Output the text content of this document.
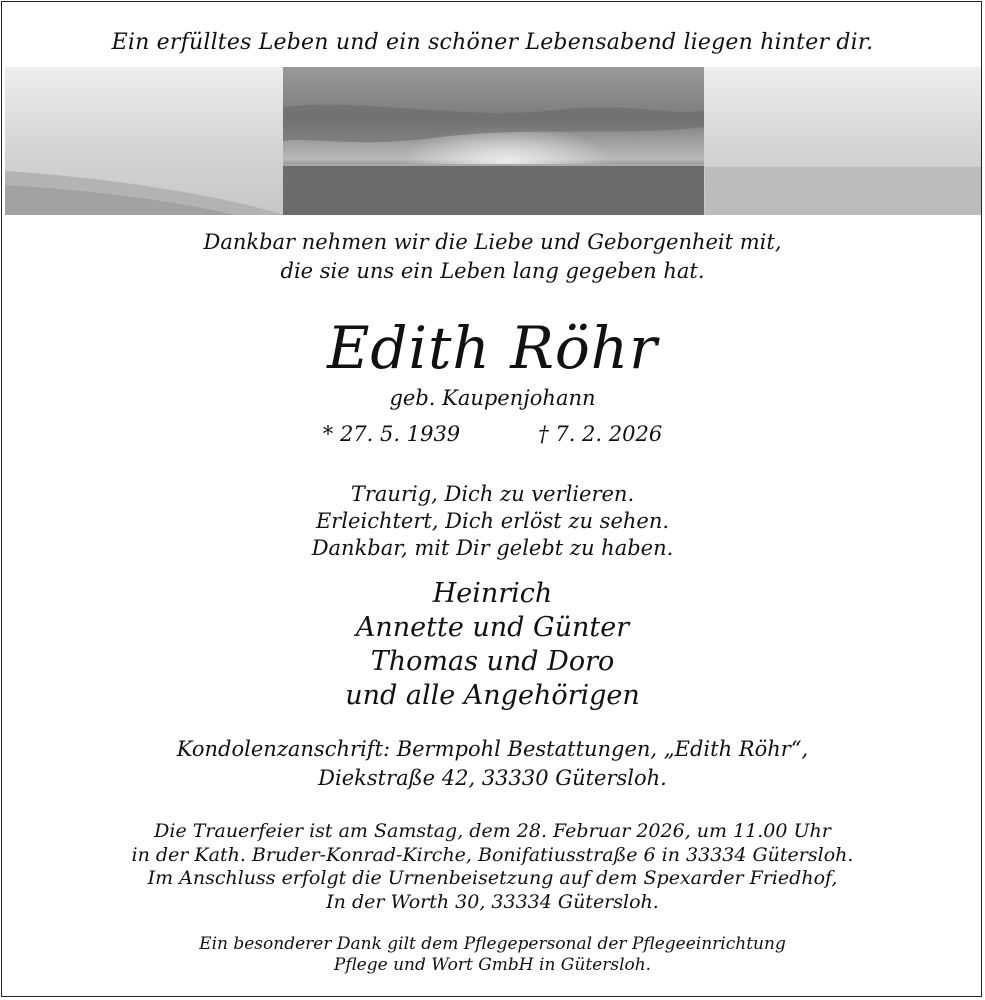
Ein erfülltes Leben und ein schöner Lebensabend liegen hinter dir.
Dankbar nehmen wir die Liebe und Geborgenheit mit,
die sie uns ein Leben lang gegeben hat.
Edith Röhr
geb. Kaupenjohann
* 27. 5. 1939	† 7. 2. 2026
Traurig, Dich zu verlieren.
Erleichtert, Dich erlöst zu sehen.
Dankbar, mit Dir gelebt zu haben.
Heinrich
Annette und Günter
Thomas und Doro
und alle Angehörigen
Kondolenzanschrift: Bermpohl Bestattungen, „Edith Röhr“,
Diekstraße 42, 33330 Gütersloh.
Die Trauerfeier ist am Samstag, dem 28. Februar 2026, um 11.00 Uhr
in der Kath. Bruder-Konrad-Kirche, Bonifatiusstraße 6 in 33334 Gütersloh.
Im Anschluss erfolgt die Urnenbeisetzung auf dem Spexarder Friedhof,
In der Worth 30, 33334 Gütersloh.
Ein besonderer Dank gilt dem Pflegepersonal der Pflegeeinrichtung
Pflege und Wort GmbH in Gütersloh.
